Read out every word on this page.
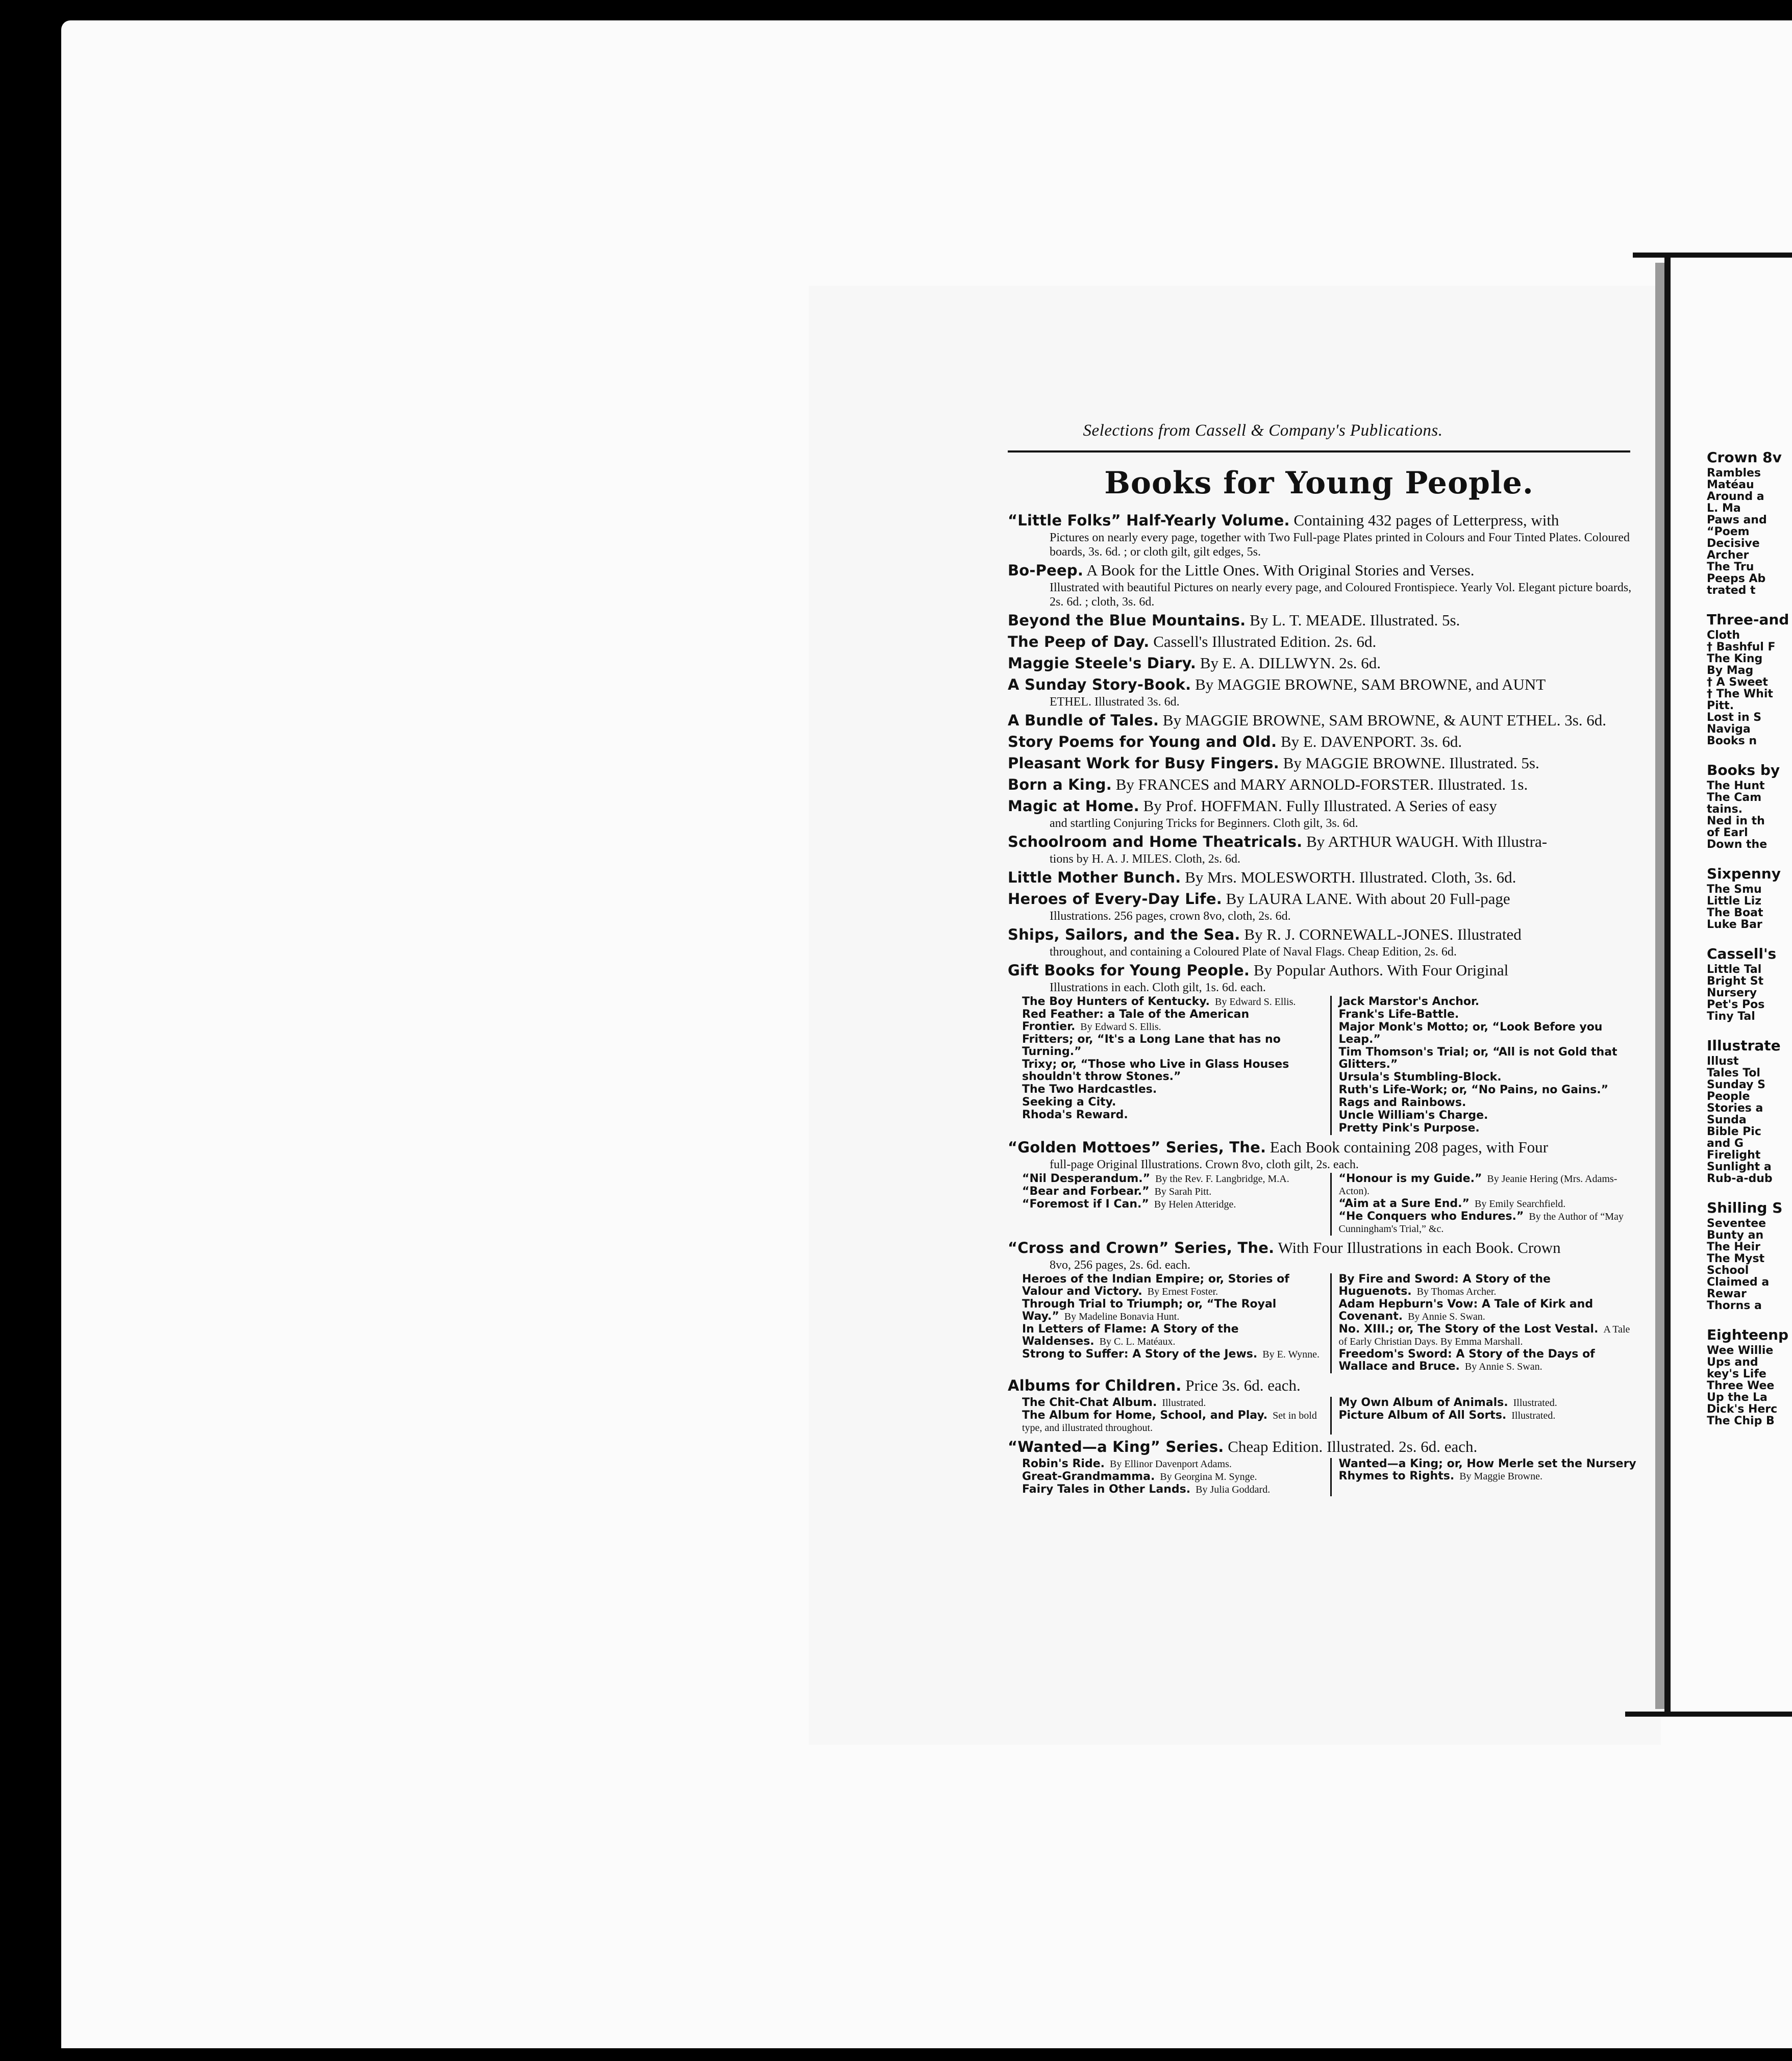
Selections from Cassell & Company's Publications.
Books for Young People.
“Little Folks” Half-Yearly Volume. Containing 432 pages of Letterpress, with
Pictures on nearly every page, together with Two Full-page Plates printed in Colours and Four Tinted Plates. Coloured boards, 3s. 6d. ; or cloth gilt, gilt edges, 5s.
Bo-Peep. A Book for the Little Ones. With Original Stories and Verses.
Illustrated with beautiful Pictures on nearly every page, and Coloured Frontispiece. Yearly Vol. Elegant picture boards, 2s. 6d. ; cloth, 3s. 6d.
Beyond the Blue Mountains. By L. T. MEADE. Illustrated. 5s.
The Peep of Day. Cassell's Illustrated Edition. 2s. 6d.
Maggie Steele's Diary. By E. A. DILLWYN. 2s. 6d.
A Sunday Story-Book. By MAGGIE BROWNE, SAM BROWNE, and AUNT
ETHEL. Illustrated 3s. 6d.
A Bundle of Tales. By MAGGIE BROWNE, SAM BROWNE, & AUNT ETHEL. 3s. 6d.
Story Poems for Young and Old. By E. DAVENPORT. 3s. 6d.
Pleasant Work for Busy Fingers. By MAGGIE BROWNE. Illustrated. 5s.
Born a King. By FRANCES and MARY ARNOLD-FORSTER. Illustrated. 1s.
Magic at Home. By Prof. HOFFMAN. Fully Illustrated. A Series of easy
and startling Conjuring Tricks for Beginners. Cloth gilt, 3s. 6d.
Schoolroom and Home Theatricals. By ARTHUR WAUGH. With Illustra-
tions by H. A. J. MILES. Cloth, 2s. 6d.
Little Mother Bunch. By Mrs. MOLESWORTH. Illustrated. Cloth, 3s. 6d.
Heroes of Every-Day Life. By LAURA LANE. With about 20 Full-page
Illustrations. 256 pages, crown 8vo, cloth, 2s. 6d.
Ships, Sailors, and the Sea. By R. J. CORNEWALL-JONES. Illustrated
throughout, and containing a Coloured Plate of Naval Flags. Cheap Edition, 2s. 6d.
Gift Books for Young People. By Popular Authors. With Four Original
Illustrations in each. Cloth gilt, 1s. 6d. each.
The Boy Hunters of Kentucky. By Edward S. Ellis.
Red Feather: a Tale of the American Frontier. By Edward S. Ellis.
Fritters; or, “It's a Long Lane that has no Turning.”
Trixy; or, “Those who Live in Glass Houses shouldn't throw Stones.”
The Two Hardcastles.
Seeking a City.
Rhoda's Reward.
Jack Marstor's Anchor.
Frank's Life-Battle.
Major Monk's Motto; or, “Look Before you Leap.”
Tim Thomson's Trial; or, “All is not Gold that Glitters.”
Ursula's Stumbling-Block.
Ruth's Life-Work; or, “No Pains, no Gains.”
Rags and Rainbows.
Uncle William's Charge.
Pretty Pink's Purpose.
“Golden Mottoes” Series, The. Each Book containing 208 pages, with Four
full-page Original Illustrations. Crown 8vo, cloth gilt, 2s. each.
“Nil Desperandum.” By the Rev. F. Langbridge, M.A.
“Bear and Forbear.” By Sarah Pitt.
“Foremost if I Can.” By Helen Atteridge.
“Honour is my Guide.” By Jeanie Hering (Mrs. Adams-Acton).
“Aim at a Sure End.” By Emily Searchfield.
“He Conquers who Endures.” By the Author of “May Cunningham's Trial,” &c.
“Cross and Crown” Series, The. With Four Illustrations in each Book. Crown
8vo, 256 pages, 2s. 6d. each.
Heroes of the Indian Empire; or, Stories of Valour and Victory. By Ernest Foster.
Through Trial to Triumph; or, “The Royal Way.” By Madeline Bonavia Hunt.
In Letters of Flame: A Story of the Waldenses. By C. L. Matéaux.
Strong to Suffer: A Story of the Jews. By E. Wynne.
By Fire and Sword: A Story of the Huguenots. By Thomas Archer.
Adam Hepburn's Vow: A Tale of Kirk and Covenant. By Annie S. Swan.
No. XIII.; or, The Story of the Lost Vestal. A Tale of Early Christian Days. By Emma Marshall.
Freedom's Sword: A Story of the Days of Wallace and Bruce. By Annie S. Swan.
Albums for Children. Price 3s. 6d. each.
The Chit-Chat Album. Illustrated.
The Album for Home, School, and Play. Set in bold type, and illustrated throughout.
My Own Album of Animals. Illustrated.
Picture Album of All Sorts. Illustrated.
“Wanted—a King” Series. Cheap Edition. Illustrated. 2s. 6d. each.
Robin's Ride. By Ellinor Davenport Adams.
Great-Grandmamma. By Georgina M. Synge.
Fairy Tales in Other Lands. By Julia Goddard.
Wanted—a King; or, How Merle set the Nursery Rhymes to Rights. By Maggie Browne.
Crown 8v
Rambles
Matéau
Around a
L. Ma
Paws and
“Poem
Decisive
Archer
The Tru
Peeps Ab
trated t
Three-and
Cloth
† Bashful F
The King
By Mag
† A Sweet
† The Whit
Pitt.
Lost in S
Naviga
Books n
Books by
The Hunt
The Cam
tains.
Ned in th
of Earl
Down the
Sixpenny
The Smu
Little Liz
The Boat
Luke Bar
Cassell's
Little Tal
Bright St
Nursery
Pet's Pos
Tiny Tal
Illustrate
Illust
Tales Tol
Sunday S
People
Stories a
Sunda
Bible Pic
and G
Firelight
Sunlight a
Rub-a-dub
Shilling S
Seventee
Bunty an
The Heir
The Myst
School
Claimed a
Rewar
Thorns a
Eighteenp
Wee Willie
Ups and
key's Life
Three Wee
Up the La
Dick's Herc
The Chip B
